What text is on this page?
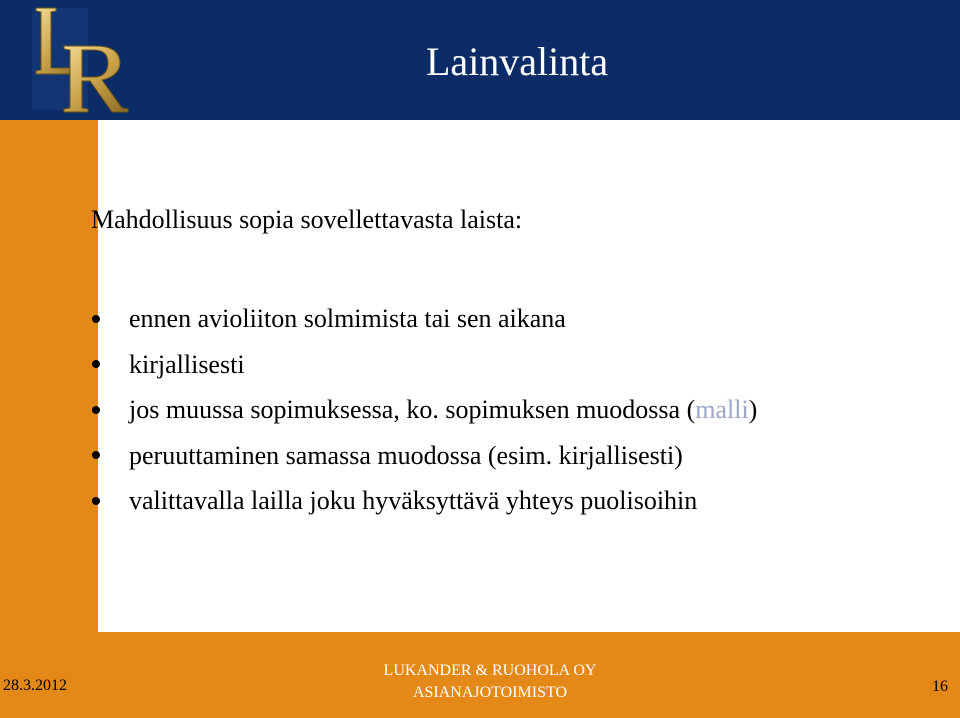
Lainvalinta
Mahdollisuus sopia sovellettavasta laista:
ennen avioliiton solmimista tai sen aikana
kirjallisesti
jos muussa sopimuksessa, ko. sopimuksen muodossa (malli)
peruuttaminen samassa muodossa (esim. kirjallisesti)
valittavalla lailla joku hyväksyttävä yhteys puolisoihin
28.3.2012
LUKANDER & RUOHOLA OY
ASIANAJOTOIMISTO	16
